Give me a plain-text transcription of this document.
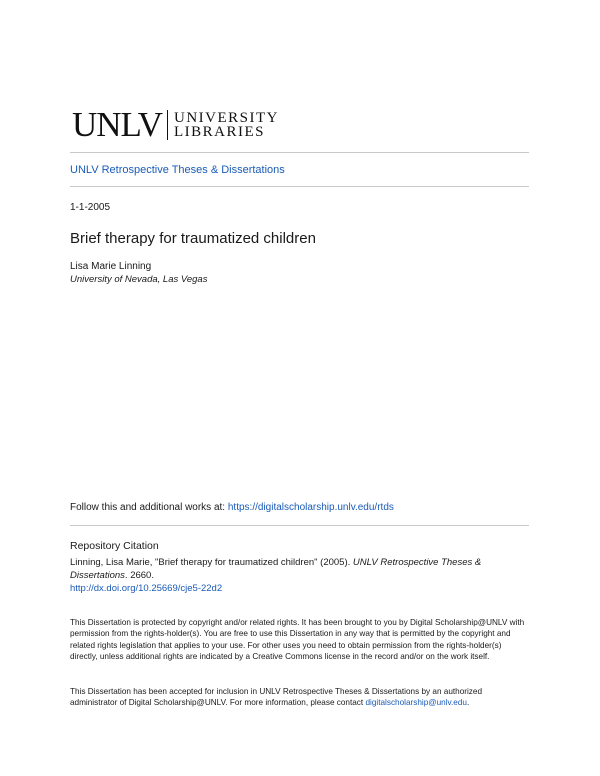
UNLV UNIVERSITY
LIBRARIES
UNLV Retrospective Theses & Dissertations
1-1-2005
Brief therapy for traumatized children
Lisa Marie Linning
University of Nevada, Las Vegas
Follow this and additional works at: https://digitalscholarship.unlv.edu/rtds
Repository Citation
Linning, Lisa Marie, "Brief therapy for traumatized children" (2005). UNLV Retrospective Theses & Dissertations. 2660.
http://dx.doi.org/10.25669/cje5-22d2
This Dissertation is protected by copyright and/or related rights. It has been brought to you by Digital Scholarship@UNLV with permission from the rights-holder(s). You are free to use this Dissertation in any way that is permitted by the copyright and related rights legislation that applies to your use. For other uses you need to obtain permission from the rights-holder(s) directly, unless additional rights are indicated by a Creative Commons license in the record and/or on the work itself.
This Dissertation has been accepted for inclusion in UNLV Retrospective Theses & Dissertations by an authorized administrator of Digital Scholarship@UNLV. For more information, please contact digitalscholarship@unlv.edu.
